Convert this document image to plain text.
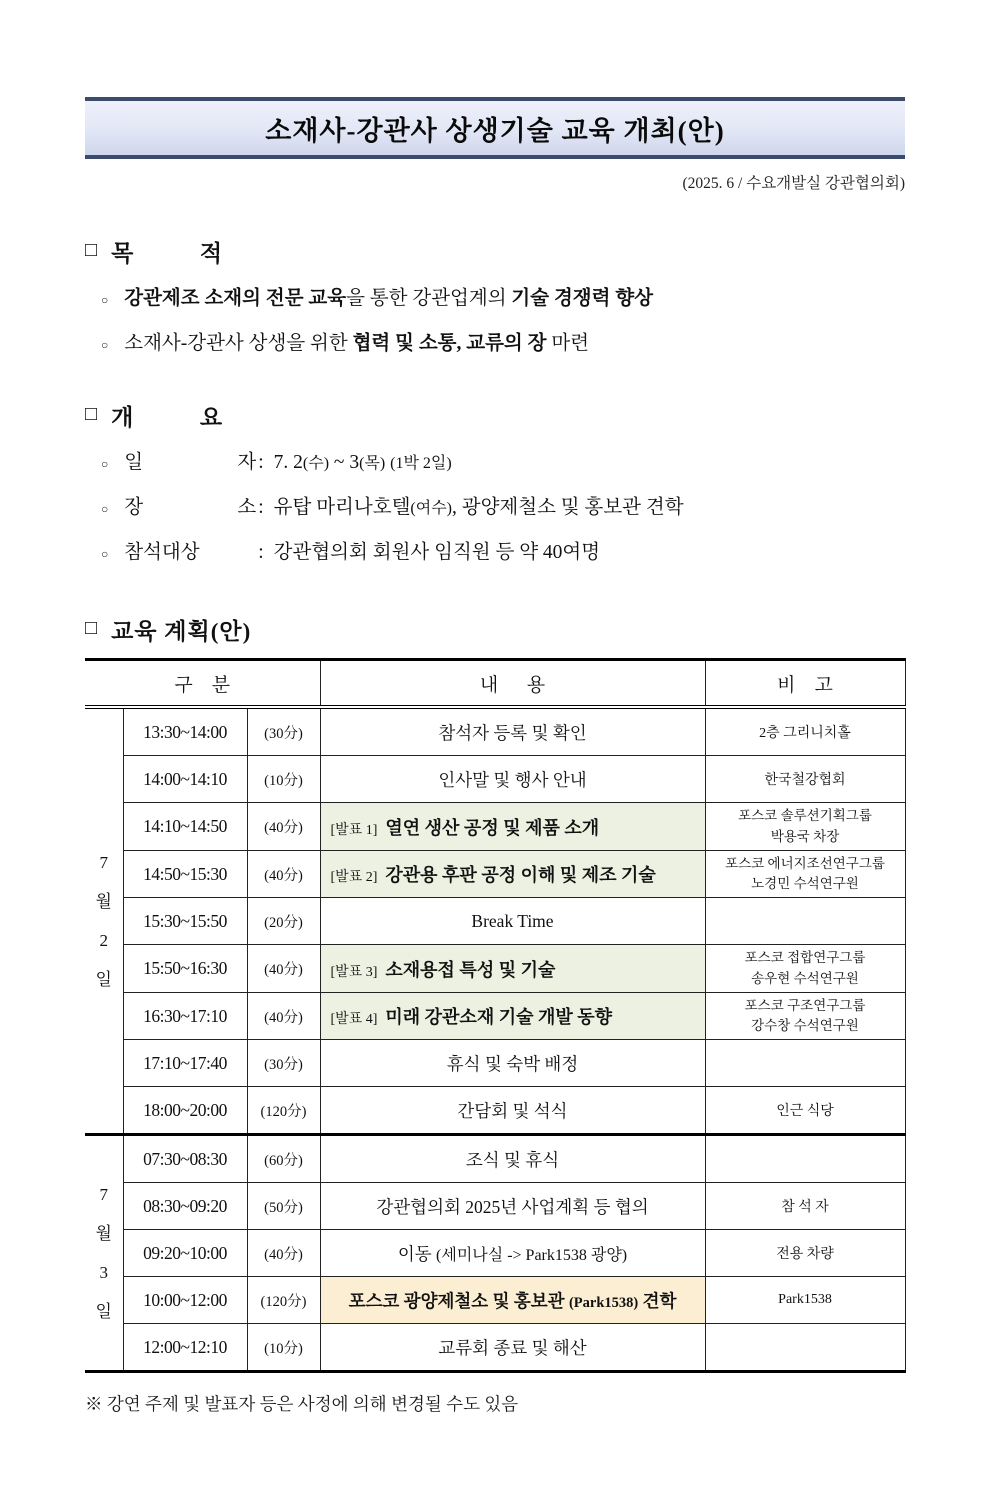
소재사-강관사 상생기술 교육 개최(안)
(2025. 6 / 수요개발실 강관협의회)
□ 목	적
○ 강관제조 소재의 전문 교육을 통한 강관업계의 기술 경쟁력 향상
○ 소재사-강관사 상생을 위한 협력 및 소통, 교류의 장 마련
□ 개	요
○ 일	자 : 7. 2(수) ~ 3(목) (1박 2일)
○ 장	소 : 유탑 마리나호텔(여수), 광양제철소 및 홍보관 견학
○ 참석대상	: 강관협의회 회원사 임직원 등 약 40여명
□ 교육 계획(안)
구    분			내      용	비    고

7월2일	13:30~14:00	(30分)	참석자 등록 및 확인	2층 그리니치홀
	14:00~14:10	(10分)	인사말 및 행사 안내	한국철강협회
	14:10~14:50	(40分)	[발표 1] 열연 생산 공정 및 제품 소개	포스코 솔루션기획그룹
박용국 차장

	14:50~15:30	(40分)	[발표 2] 강관용 후판 공정 이해 및 제조 기술	포스코 에너지조선연구그룹
노경민 수석연구원

	15:30~15:50	(20分)	Break Time	
	15:50~16:30	(40分)	[발표 3] 소재용접 특성 및 기술	포스코 접합연구그룹
송우현 수석연구원

	16:30~17:10	(40分)	[발표 4] 미래 강관소재 기술 개발 동향	포스코 구조연구그룹
강수창 수석연구원

	17:10~17:40	(30分)	휴식 및 숙박 배정	
	18:00~20:00	(120分)	간담회 및 석식	인근 식당

7월3일	07:30~08:30	(60分)	조식 및 휴식	
	08:30~09:20	(50分)	강관협의회 2025년 사업계획 등 협의	참 석 자
	09:20~10:00	(40分)	이동 (세미나실 -> Park1538 광양)	전용 차량
	10:00~12:00	(120分)	포스코 광양제철소 및 홍보관 (Park1538) 견학	Park1538
	12:00~12:10	(10分)	교류회 종료 및 해산	
※ 강연 주제 및 발표자 등은 사정에 의해 변경될 수도 있음
